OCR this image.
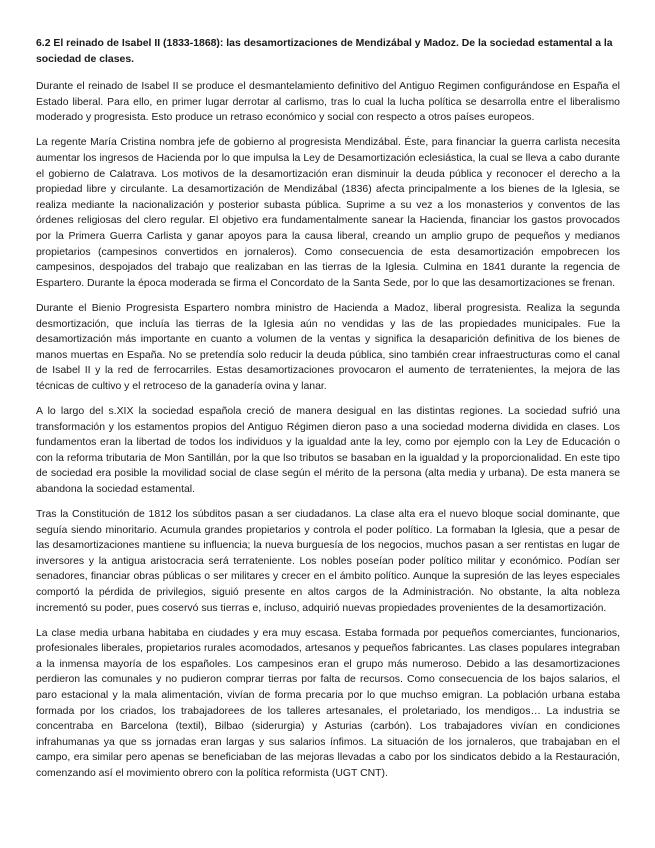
6.2 El reinado de Isabel II (1833-1868): las desamortizaciones de Mendizábal y Madoz. De la sociedad estamental a la sociedad de clases.

Durante el reinado de Isabel II se produce el desmantelamiento definitivo del Antiguo Regimen configurándose en España el Estado liberal. Para ello, en primer lugar derrotar al carlismo, tras lo cual la lucha política se desarrolla entre el liberalismo moderado y progresista. Esto produce un retraso económico y social con respecto a otros países europeos.

La regente María Cristina nombra jefe de gobierno al progresista Mendizábal. Éste, para financiar la guerra carlista necesita aumentar los ingresos de Hacienda por lo que impulsa la Ley de Desamortización eclesiástica, la cual se lleva a cabo durante el gobierno de Calatrava. Los motivos de la desamortización eran disminuir la deuda pública y reconocer el derecho a la propiedad libre y circulante. La desamortización de Mendizábal (1836) afecta principalmente a los bienes de la Iglesia, se realiza mediante la nacionalización y posterior subasta pública. Suprime a su vez a los monasterios y conventos de las órdenes religiosas del clero regular. El objetivo era fundamentalmente sanear la Hacienda, financiar los gastos provocados por la Primera Guerra Carlista y ganar apoyos para la causa liberal, creando un amplio grupo de pequeños y medianos propietarios (campesinos convertidos en jornaleros). Como consecuencia de esta desamortización empobrecen los campesinos, despojados del trabajo que realizaban en las tierras de la Iglesia. Culmina en 1841 durante la regencia de Espartero. Durante la época moderada se firma el Concordato de la Santa Sede, por lo que las desamortizaciones se frenan.

Durante el Bienio Progresista Espartero nombra ministro de Hacienda a Madoz, liberal progresista. Realiza la segunda desmortización, que incluía las tierras de la Iglesia aún no vendidas y las de las propiedades municipales. Fue la desamortización más importante en cuanto a volumen de la ventas y significa la desaparición definitiva de los bienes de manos muertas en España. No se pretendía solo reducir la deuda pública, sino también crear infraestructuras como el canal de Isabel II y la red de ferrocarriles. Estas desamortizaciones provocaron el aumento de terratenientes, la mejora de las técnicas de cultivo y el retroceso de la ganadería ovina y lanar.

A lo largo del s.XIX la sociedad española creció de manera desigual en las distintas regiones. La sociedad sufrió una transformación y los estamentos propios del Antiguo Régimen dieron paso a una sociedad moderna dividida en clases. Los fundamentos eran la libertad de todos los individuos y la igualdad ante la ley, como por ejemplo con la Ley de Educación o con la reforma tributaria de Mon Santillán, por la que lso tributos se basaban en la igualdad y la proporcionalidad. En este tipo de sociedad era posible la movilidad social de clase según el mérito de la persona (alta media y urbana). De esta manera se abandona la sociedad estamental.

Tras la Constitución de 1812 los súbditos pasan a ser ciudadanos. La clase alta era el nuevo bloque social dominante, que seguía siendo minoritario. Acumula grandes propietarios y controla el poder político. La formaban la Iglesia, que a pesar de las desamortizaciones mantiene su influencia; la nueva burguesía de los negocios, muchos pasan a ser rentistas en lugar de inversores y la antigua aristocracia será terrateniente. Los nobles poseían poder político militar y económico. Podían ser senadores, financiar obras públicas o ser militares y crecer en el ámbito político. Aunque la supresión de las leyes especiales comportó la pérdida de privilegios, siguió presente en altos cargos de la Administración. No obstante, la alta nobleza incrementó su poder, pues coservó sus tierras e, incluso, adquirió nuevas propiedades provenientes de la desamortización.

La clase media urbana habitaba en ciudades y era muy escasa. Estaba formada por pequeños comerciantes, funcionarios, profesionales liberales, propietarios rurales acomodados, artesanos y pequeños fabricantes. Las clases populares integraban a la inmensa mayoría de los españoles. Los campesinos eran el grupo más numeroso. Debido a las desamortizaciones perdieron las comunales y no pudieron comprar tierras por falta de recursos. Como consecuencia de los bajos salarios, el paro estacional y la mala alimentación, vivían de forma precaria por lo que muchso emigran. La población urbana estaba formada por los criados, los trabajadorees de los talleres artesanales, el proletariado, los mendigos… La industria se concentraba en Barcelona (textil), Bilbao (siderurgia) y Asturias (carbón). Los trabajadores vivían en condiciones infrahumanas ya que ss jornadas eran largas y sus salarios ínfimos. La situación de los jornaleros, que trabajaban en el campo, era similar pero apenas se beneficiaban de las mejoras llevadas a cabo por los sindicatos debido a la Restauración, comenzando así el movimiento obrero con la política reformista (UGT CNT).
